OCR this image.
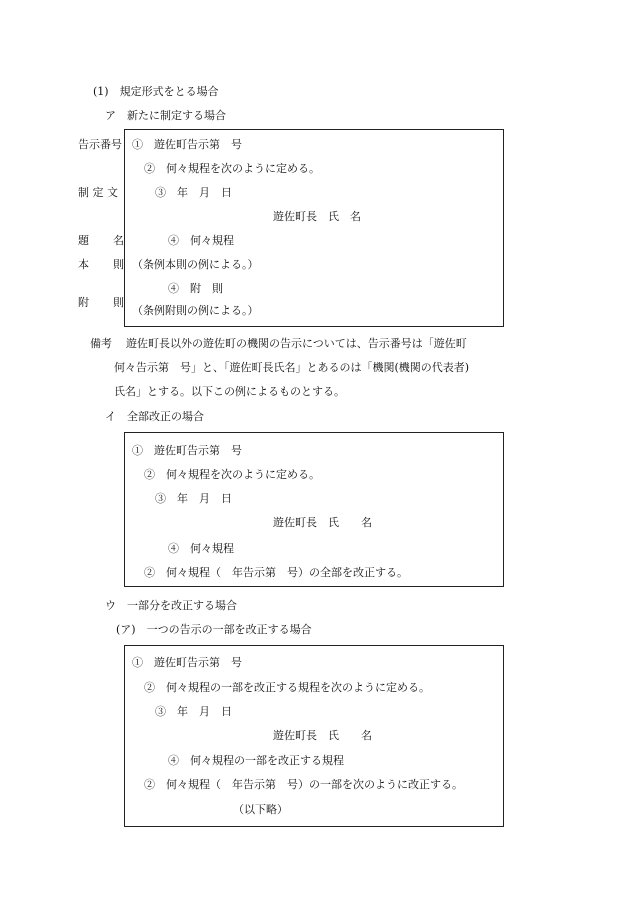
(1)　規定形式をとる場合
ア　新たに制定する場合
告示番号
制 定 文
題 名
本 則
附 則
①　遊佐町告示第　号
②　何々規程を次のように定める。
③　年　月　日
遊佐町長　氏　名
④　何々規程
（条例本則の例による。）
④　附　則
（条例附則の例による。）
備考 遊佐町長以外の遊佐町の機関の告示については、告示番号は「遊佐町
何々告示第　号」と、「遊佐町長氏名」とあるのは「機関(機関の代表者)
氏名」とする。以下この例によるものとする。
イ　全部改正の場合
①　遊佐町告示第　号
②　何々規程を次のように定める。
③　年　月　日
遊佐町長　氏　　名
④　何々規程
②　何々規程（　年告示第　号）の全部を改正する。
ウ　一部分を改正する場合
(ア)　一つの告示の一部を改正する場合
①　遊佐町告示第　号
②　何々規程の一部を改正する規程を次のように定める。
③　年　月　日
遊佐町長　氏　　名
④　何々規程の一部を改正する規程
②　何々規程（　年告示第　号）の一部を次のように改正する。
（以下略）
